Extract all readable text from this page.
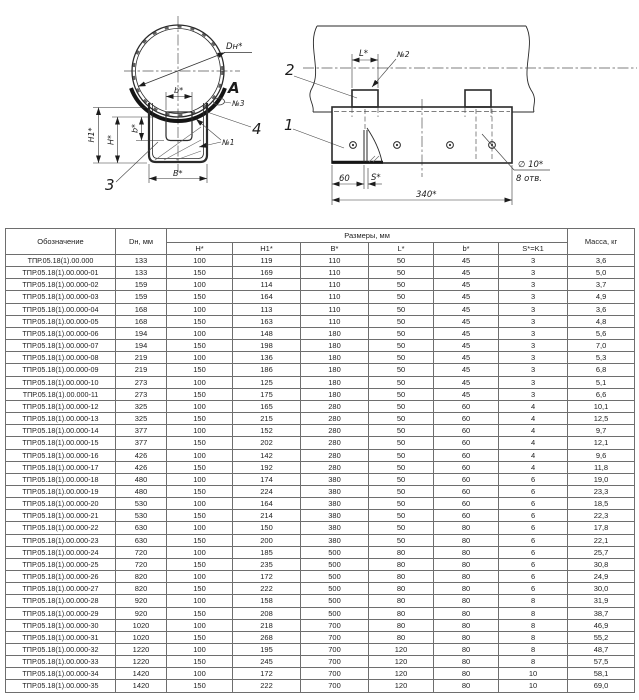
Dн*
A
№3
№1
4
3
2
1
b*
B*
H1* H*
b*
L*	№2
60 S*
340*
∅ 10*
8 отв.
Обозначение	Dн, мм	Размеры, мм						Масса, кг
		H*	H1*	B*	L*	b*	S*=K1	
ТПР.05.18(1).00.000	133	100	119	110	50	45	3	3,6
ТПР.05.18(1).00.000-01	133	150	169	110	50	45	3	5,0
ТПР.05.18(1).00.000-02	159	100	114	110	50	45	3	3,7
ТПР.05.18(1).00.000-03	159	150	164	110	50	45	3	4,9
ТПР.05.18(1).00.000-04	168	100	113	110	50	45	3	3,6
ТПР.05.18(1).00.000-05	168	150	163	110	50	45	3	4,8
ТПР.05.18(1).00.000-06	194	100	148	180	50	45	3	5,6
ТПР.05.18(1).00.000-07	194	150	198	180	50	45	3	7,0
ТПР.05.18(1).00.000-08	219	100	136	180	50	45	3	5,3
ТПР.05.18(1).00.000-09	219	150	186	180	50	45	3	6,8
ТПР.05.18(1).00.000-10	273	100	125	180	50	45	3	5,1
ТПР.05.18(1).00.000-11	273	150	175	180	50	45	3	6,6
ТПР.05.18(1).00.000-12	325	100	165	280	50	60	4	10,1
ТПР.05.18(1).00.000-13	325	150	215	280	50	60	4	12,5
ТПР.05.18(1).00.000-14	377	100	152	280	50	60	4	9,7
ТПР.05.18(1).00.000-15	377	150	202	280	50	60	4	12,1
ТПР.05.18(1).00.000-16	426	100	142	280	50	60	4	9,6
ТПР.05.18(1).00.000-17	426	150	192	280	50	60	4	11,8
ТПР.05.18(1).00.000-18	480	100	174	380	50	60	6	19,0
ТПР.05.18(1).00.000-19	480	150	224	380	50	60	6	23,3
ТПР.05.18(1).00.000-20	530	100	164	380	50	60	6	18,5
ТПР.05.18(1).00.000-21	530	150	214	380	50	60	6	22,3
ТПР.05.18(1).00.000-22	630	100	150	380	50	80	6	17,8
ТПР.05.18(1).00.000-23	630	150	200	380	50	80	6	22,1
ТПР.05.18(1).00.000-24	720	100	185	500	80	80	6	25,7
ТПР.05.18(1).00.000-25	720	150	235	500	80	80	6	30,8
ТПР.05.18(1).00.000-26	820	100	172	500	80	80	6	24,9
ТПР.05.18(1).00.000-27	820	150	222	500	80	80	6	30,0
ТПР.05.18(1).00.000-28	920	100	158	500	80	80	8	31,9
ТПР.05.18(1).00.000-29	920	150	208	500	80	80	8	38,7
ТПР.05.18(1).00.000-30	1020	100	218	700	80	80	8	46,9
ТПР.05.18(1).00.000-31	1020	150	268	700	80	80	8	55,2
ТПР.05.18(1).00.000-32	1220	100	195	700	120	80	8	48,7
ТПР.05.18(1).00.000-33	1220	150	245	700	120	80	8	57,5
ТПР.05.18(1).00.000-34	1420	100	172	700	120	80	10	58,1
ТПР.05.18(1).00.000-35	1420	150	222	700	120	80	10	69,0
